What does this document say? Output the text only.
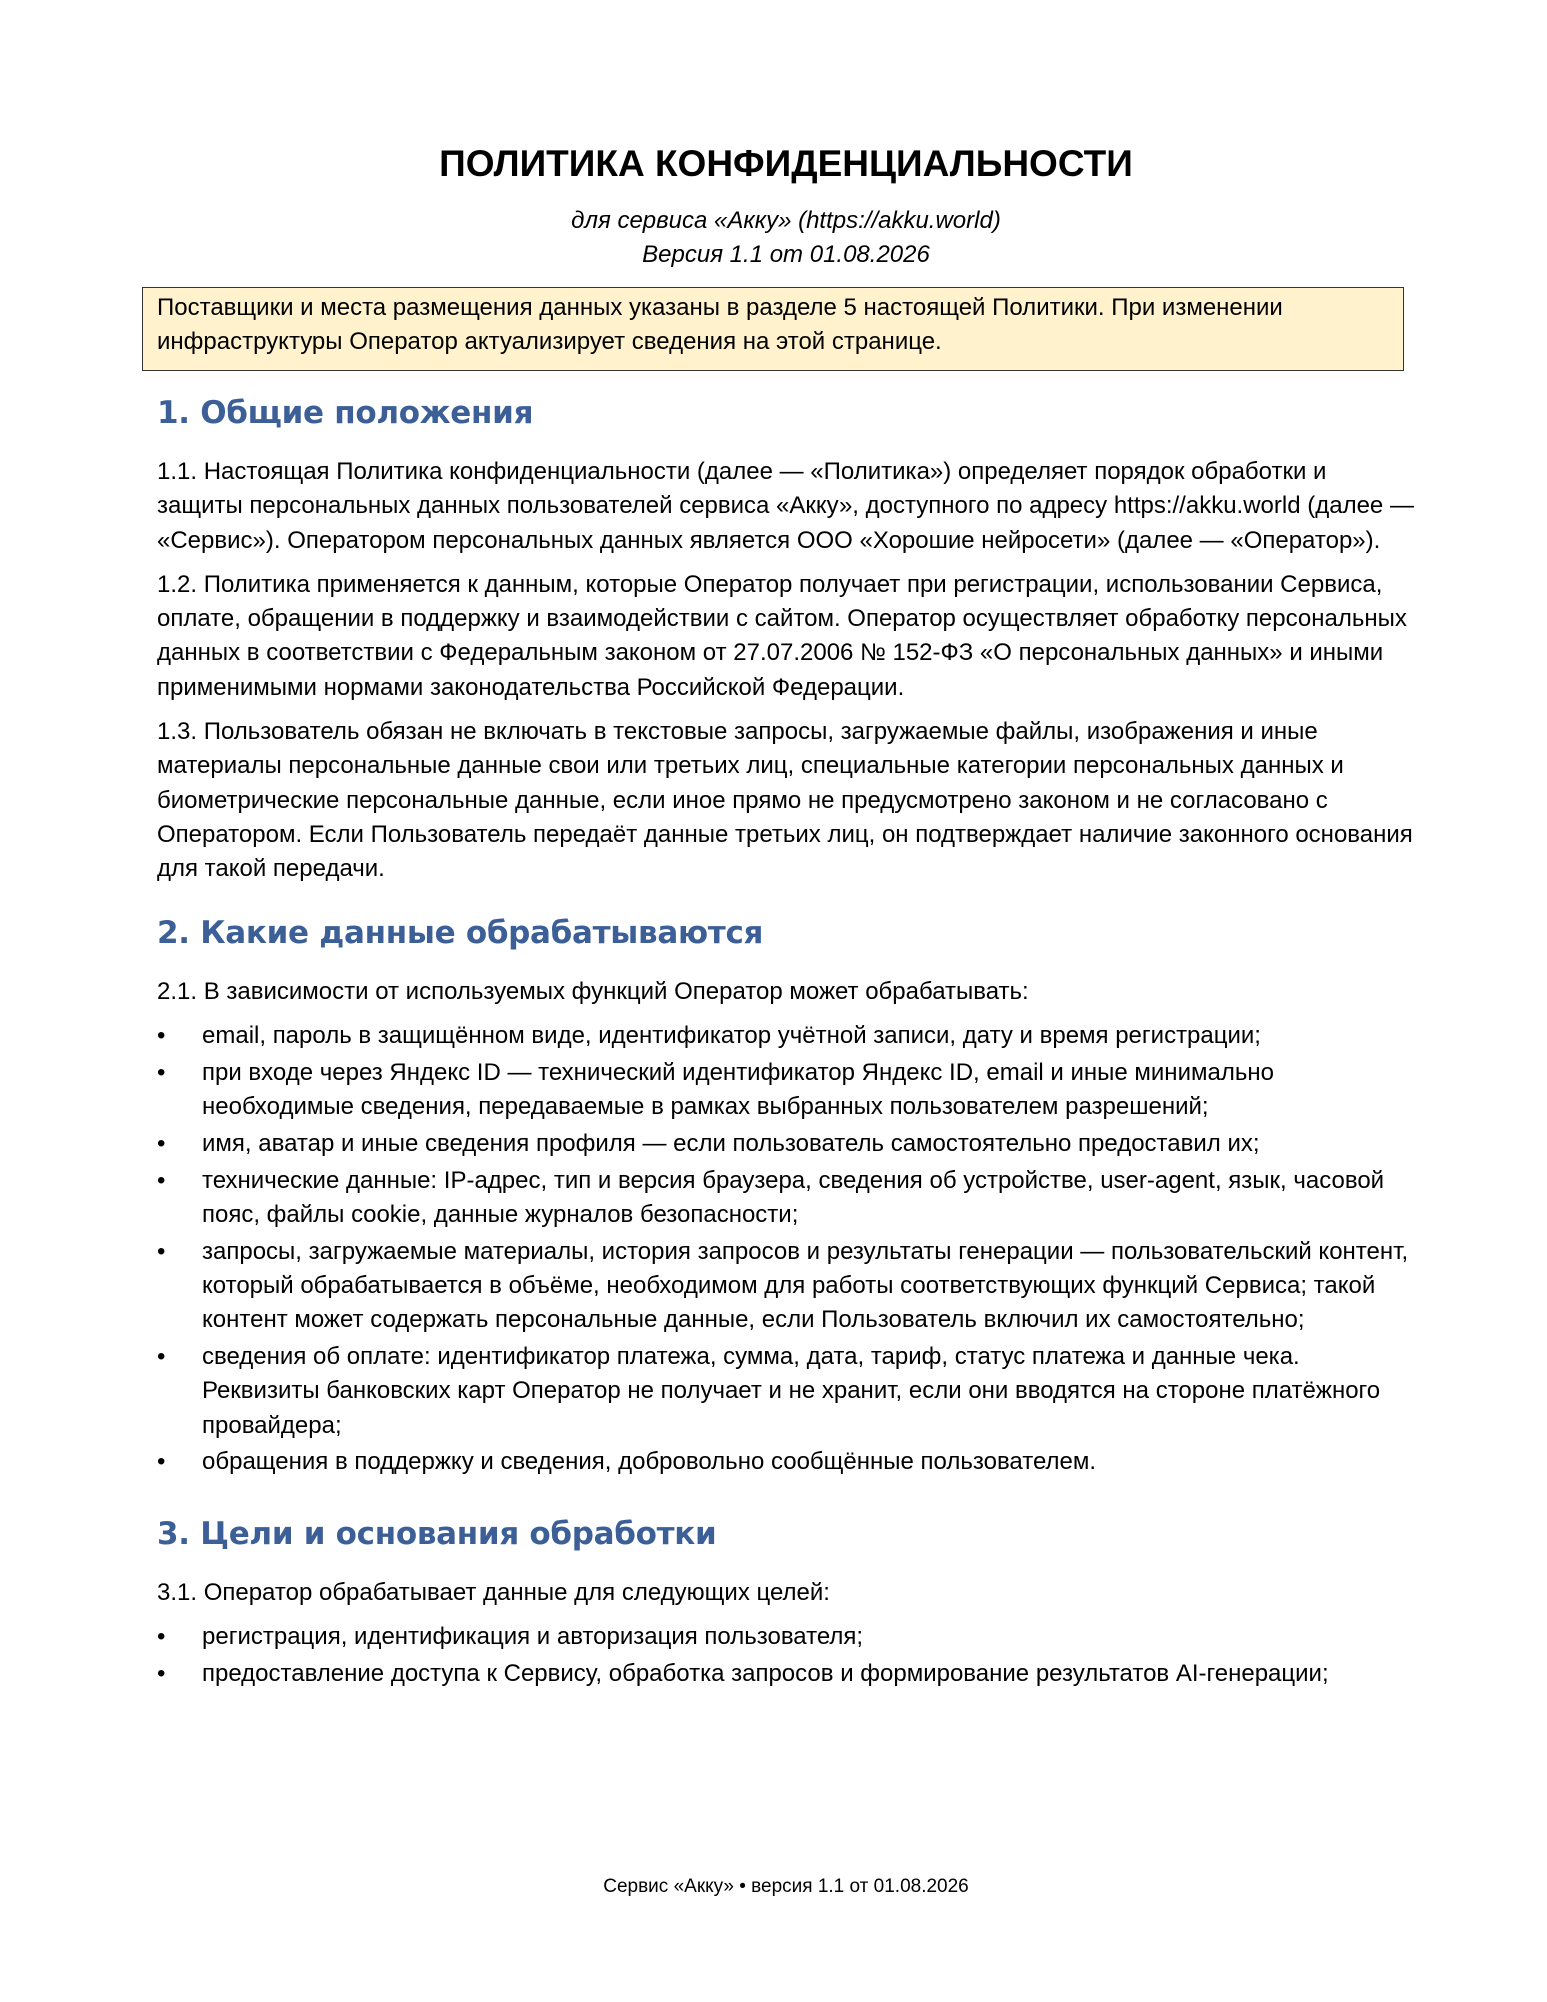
ПОЛИТИКА КОНФИДЕНЦИАЛЬНОСТИ

для сервиса «Акку» (https://akku.world)

Версия 1.1 от 01.08.2026

Поставщики и места размещения данных указаны в разделе 5 настоящей Политики. При изменении инфраструктуры Оператор актуализирует сведения на этой странице.
1. Общие положения

1.1. Настоящая Политика конфиденциальности (далее — «Политика») определяет порядок обработки и защиты персональных данных пользователей сервиса «Акку», доступного по адресу https://akku.world (далее — «Сервис»). Оператором персональных данных является ООО «Хорошие нейросети» (далее — «Оператор»).

1.2. Политика применяется к данным, которые Оператор получает при регистрации, использовании Сервиса, оплате, обращении в поддержку и взаимодействии с сайтом. Оператор осуществляет обработку персональных данных в соответствии с Федеральным законом от 27.07.2006 № 152-ФЗ «О персональных данных» и иными применимыми нормами законодательства Российской Федерации.

1.3. Пользователь обязан не включать в текстовые запросы, загружаемые файлы, изображения и иные материалы персональные данные свои или третьих лиц, специальные категории персональных данных и биометрические персональные данные, если иное прямо не предусмотрено законом и не согласовано с Оператором. Если Пользователь передаёт данные третьих лиц, он подтверждает наличие законного основания для такой передачи.

2. Какие данные обрабатываются

2.1. В зависимости от используемых функций Оператор может обрабатывать:

• email, пароль в защищённом виде, идентификатор учётной записи, дату и время регистрации;
• при входе через Яндекс ID — технический идентификатор Яндекс ID, email и иные минимально необходимые сведения, передаваемые в рамках выбранных пользователем разрешений;
• имя, аватар и иные сведения профиля — если пользователь самостоятельно предоставил их;
• технические данные: IP-адрес, тип и версия браузера, сведения об устройстве, user-agent, язык, часовой пояс, файлы cookie, данные журналов безопасности;
• запросы, загружаемые материалы, история запросов и результаты генерации — пользовательский контент, который обрабатывается в объёме, необходимом для работы соответствующих функций Сервиса; такой контент может содержать персональные данные, если Пользователь включил их самостоятельно;
• сведения об оплате: идентификатор платежа, сумма, дата, тариф, статус платежа и данные чека. Реквизиты банковских карт Оператор не получает и не хранит, если они вводятся на стороне платёжного провайдера;
• обращения в поддержку и сведения, добровольно сообщённые пользователем.
3. Цели и основания обработки

3.1. Оператор обрабатывает данные для следующих целей:

• регистрация, идентификация и авторизация пользователя;
• предоставление доступа к Сервису, обработка запросов и формирование результатов AI-генерации;

Сервис «Акку» • версия 1.1 от 01.08.2026
